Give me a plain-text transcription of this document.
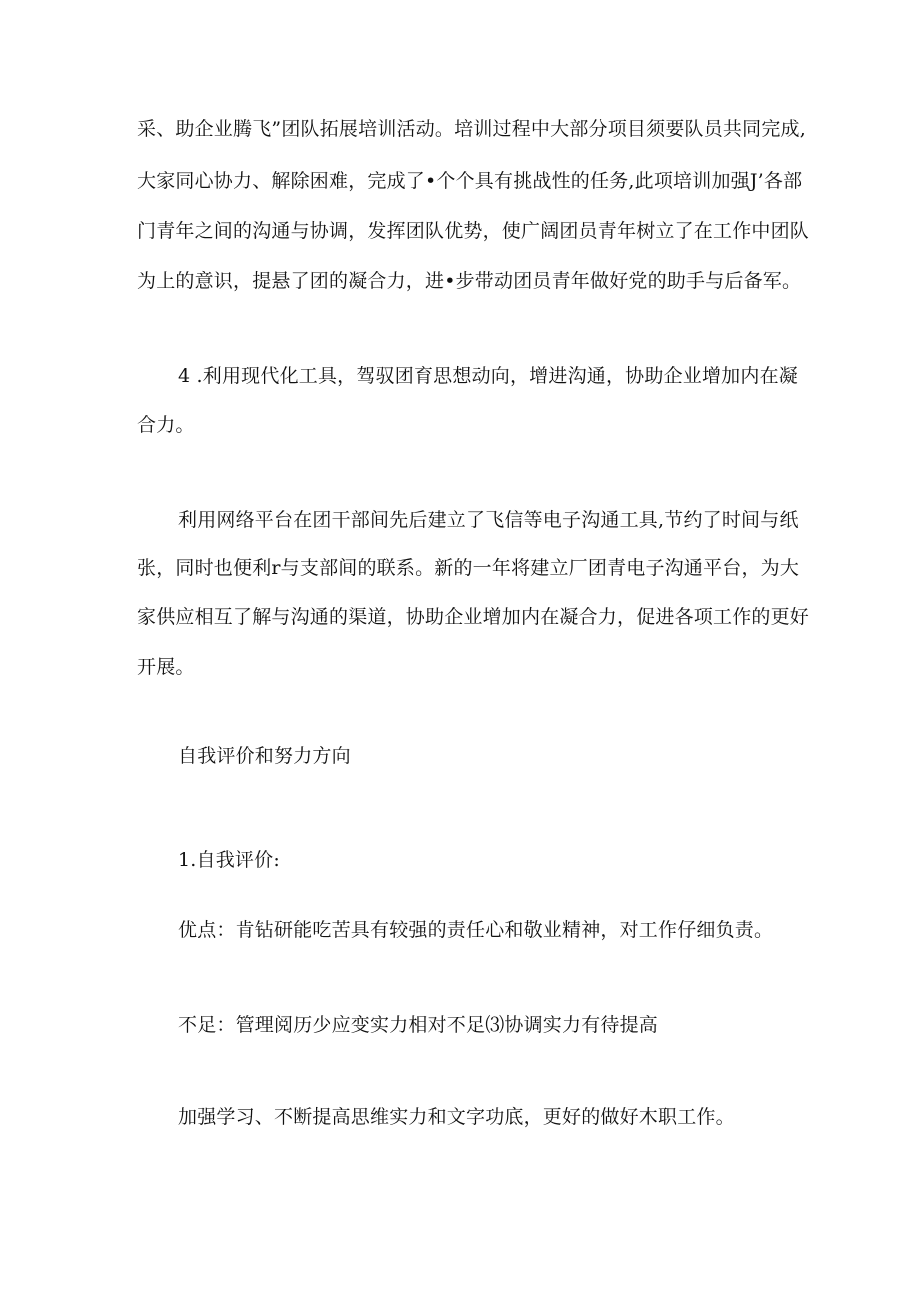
采、助企业腾飞”团队拓展培训活动。培训过程中大部分项目须要队员共同完成,
大家同心协力、解除困难，完成了•个个具有挑战性的任务,此项培训加强J’各部
门青年之间的沟通与协调，发挥团队优势，使广阔团员青年树立了在工作中团队
为上的意识，提悬了团的凝合力，进•步带动团员青年做好党的助手与后备军。
4 .利用现代化工具，驾驭团育思想动向，增进沟通，协助企业增加内在凝
合力。
利用网络平台在团干部间先后建立了飞信等电子沟通工具,节约了时间与纸
张，同时也便利r与支部间的联系。新的一年将建立厂团青电子沟通平台，为大
家供应相互了解与沟通的渠道，协助企业增加内在凝合力，促进各项工作的更好
开展。
自我评价和努力方向
1.自我评价:
优点：肯钻研能吃苦具有较强的责任心和敬业精神，对工作仔细负责。
不足：管理阅历少应变实力相对不足⑶协调实力有待提高
加强学习、不断提高思维实力和文字功底，更好的做好木职工作。
